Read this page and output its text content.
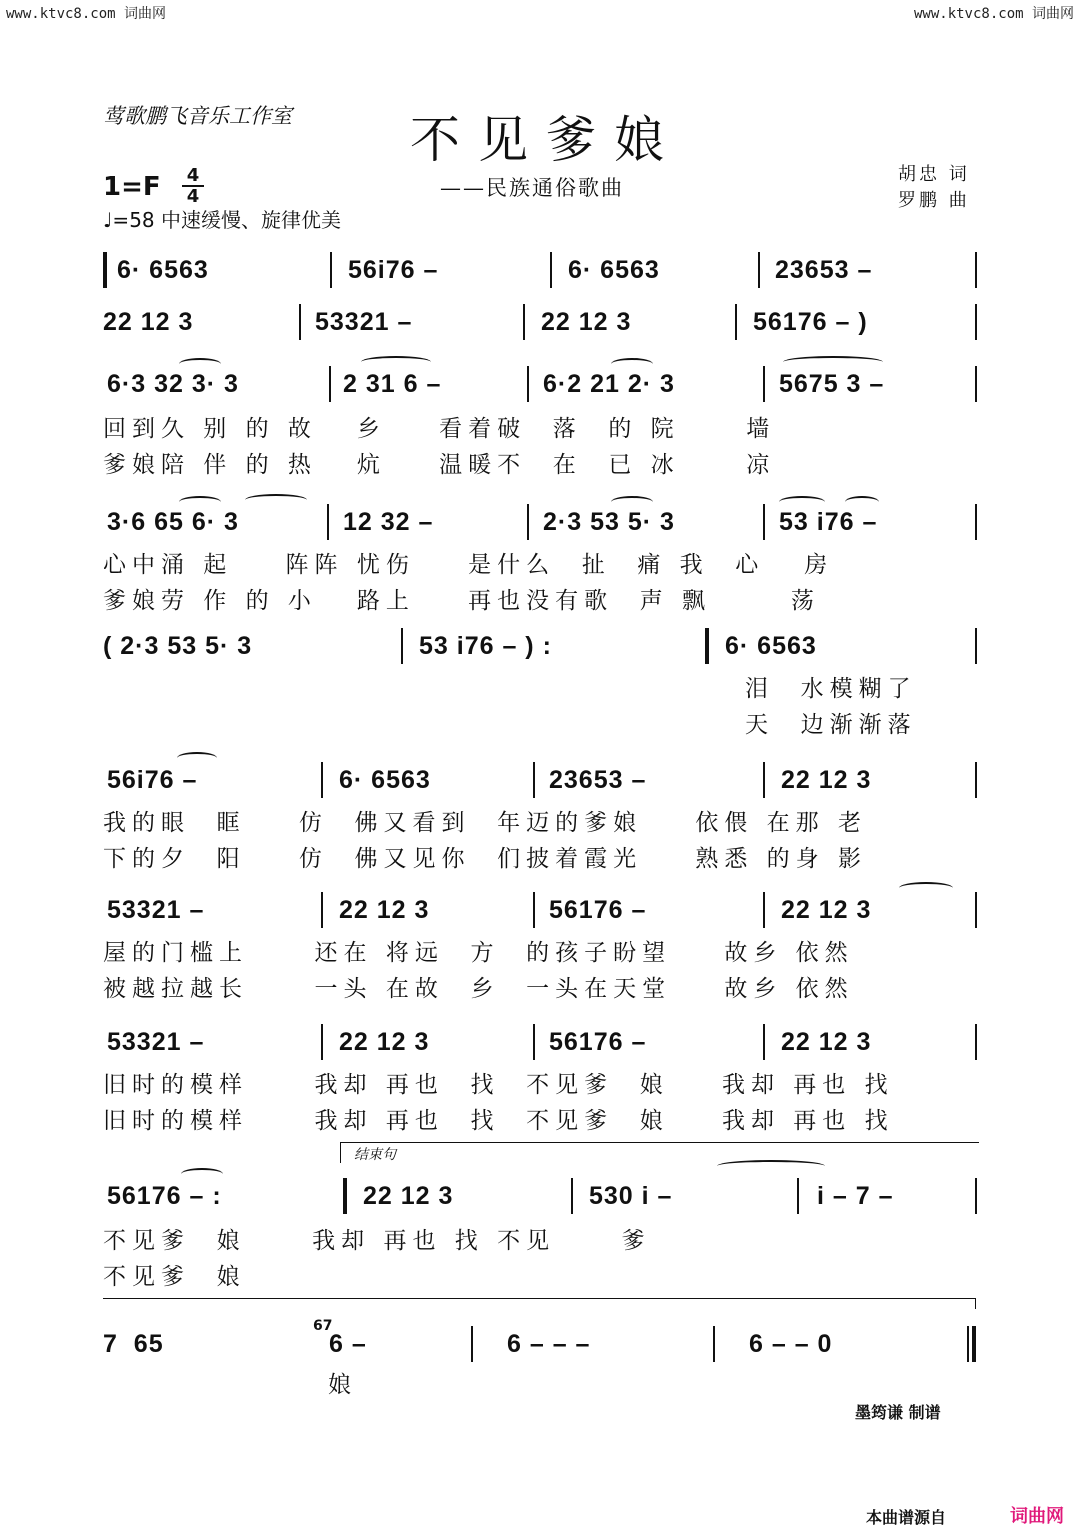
www.ktvc8.com 词曲网	www.ktvc8.com 词曲网
莺歌鹏飞音乐工作室 不见爹娘
——民族通俗歌曲
胡忠 词
罗鹏 曲
1=F 4
4
♩=58 中速缓慢、旋律优美
6· 6563	56i76 –	6· 6563	23653 –
22 12 3	53321 –	22 12 3	56176 – )
6·3 32 3· 3	2 31 6 –	6·2 21 2· 3	5675 3 –
回到久 别 的 故   乡    看着破  落  的 院     墙
爹娘陪 伴 的 热   炕    温暖不  在  已 冰     凉
3·6 65 6· 3	12 32 –	2·3 53 5· 3	53 i76 –
心中涌 起    阵阵 忧伤    是什么  扯  痛 我  心   房
爹娘劳 作 的 小   路上    再也没有歌  声 飘      荡
( 2·3 53 5· 3	53 i76 – ) :	6· 6563
泪  水模糊了
天  边渐渐落
56i76 –	6· 6563	23653 –	22 12 3
我的眼  眶    仿  佛又看到  年迈的爹娘    依偎 在那 老
下的夕  阳    仿  佛又见你  们披着霞光    熟悉 的身 影
53321 –	22 12 3	56176 –	22 12 3
屋的门槛上     还在 将远  方  的孩子盼望    故乡 依然
被越拉越长     一头 在故  乡  一头在天堂    故乡 依然
53321 –	22 12 3	56176 –	22 12 3
旧时的模样     我却 再也  找  不见爹  娘    我却 再也 找
旧时的模样     我却 再也  找  不见爹  娘    我却 再也 找
结束句
56176 – :	22 12 3	530 i –	i – 7 –
不见爹  娘     我却 再也 找 不见     爹
不见爹  娘
7  65
67
6 –	6 – – –	6 – – 0
娘
墨筠谦 制谱
本曲谱源自	词曲网
